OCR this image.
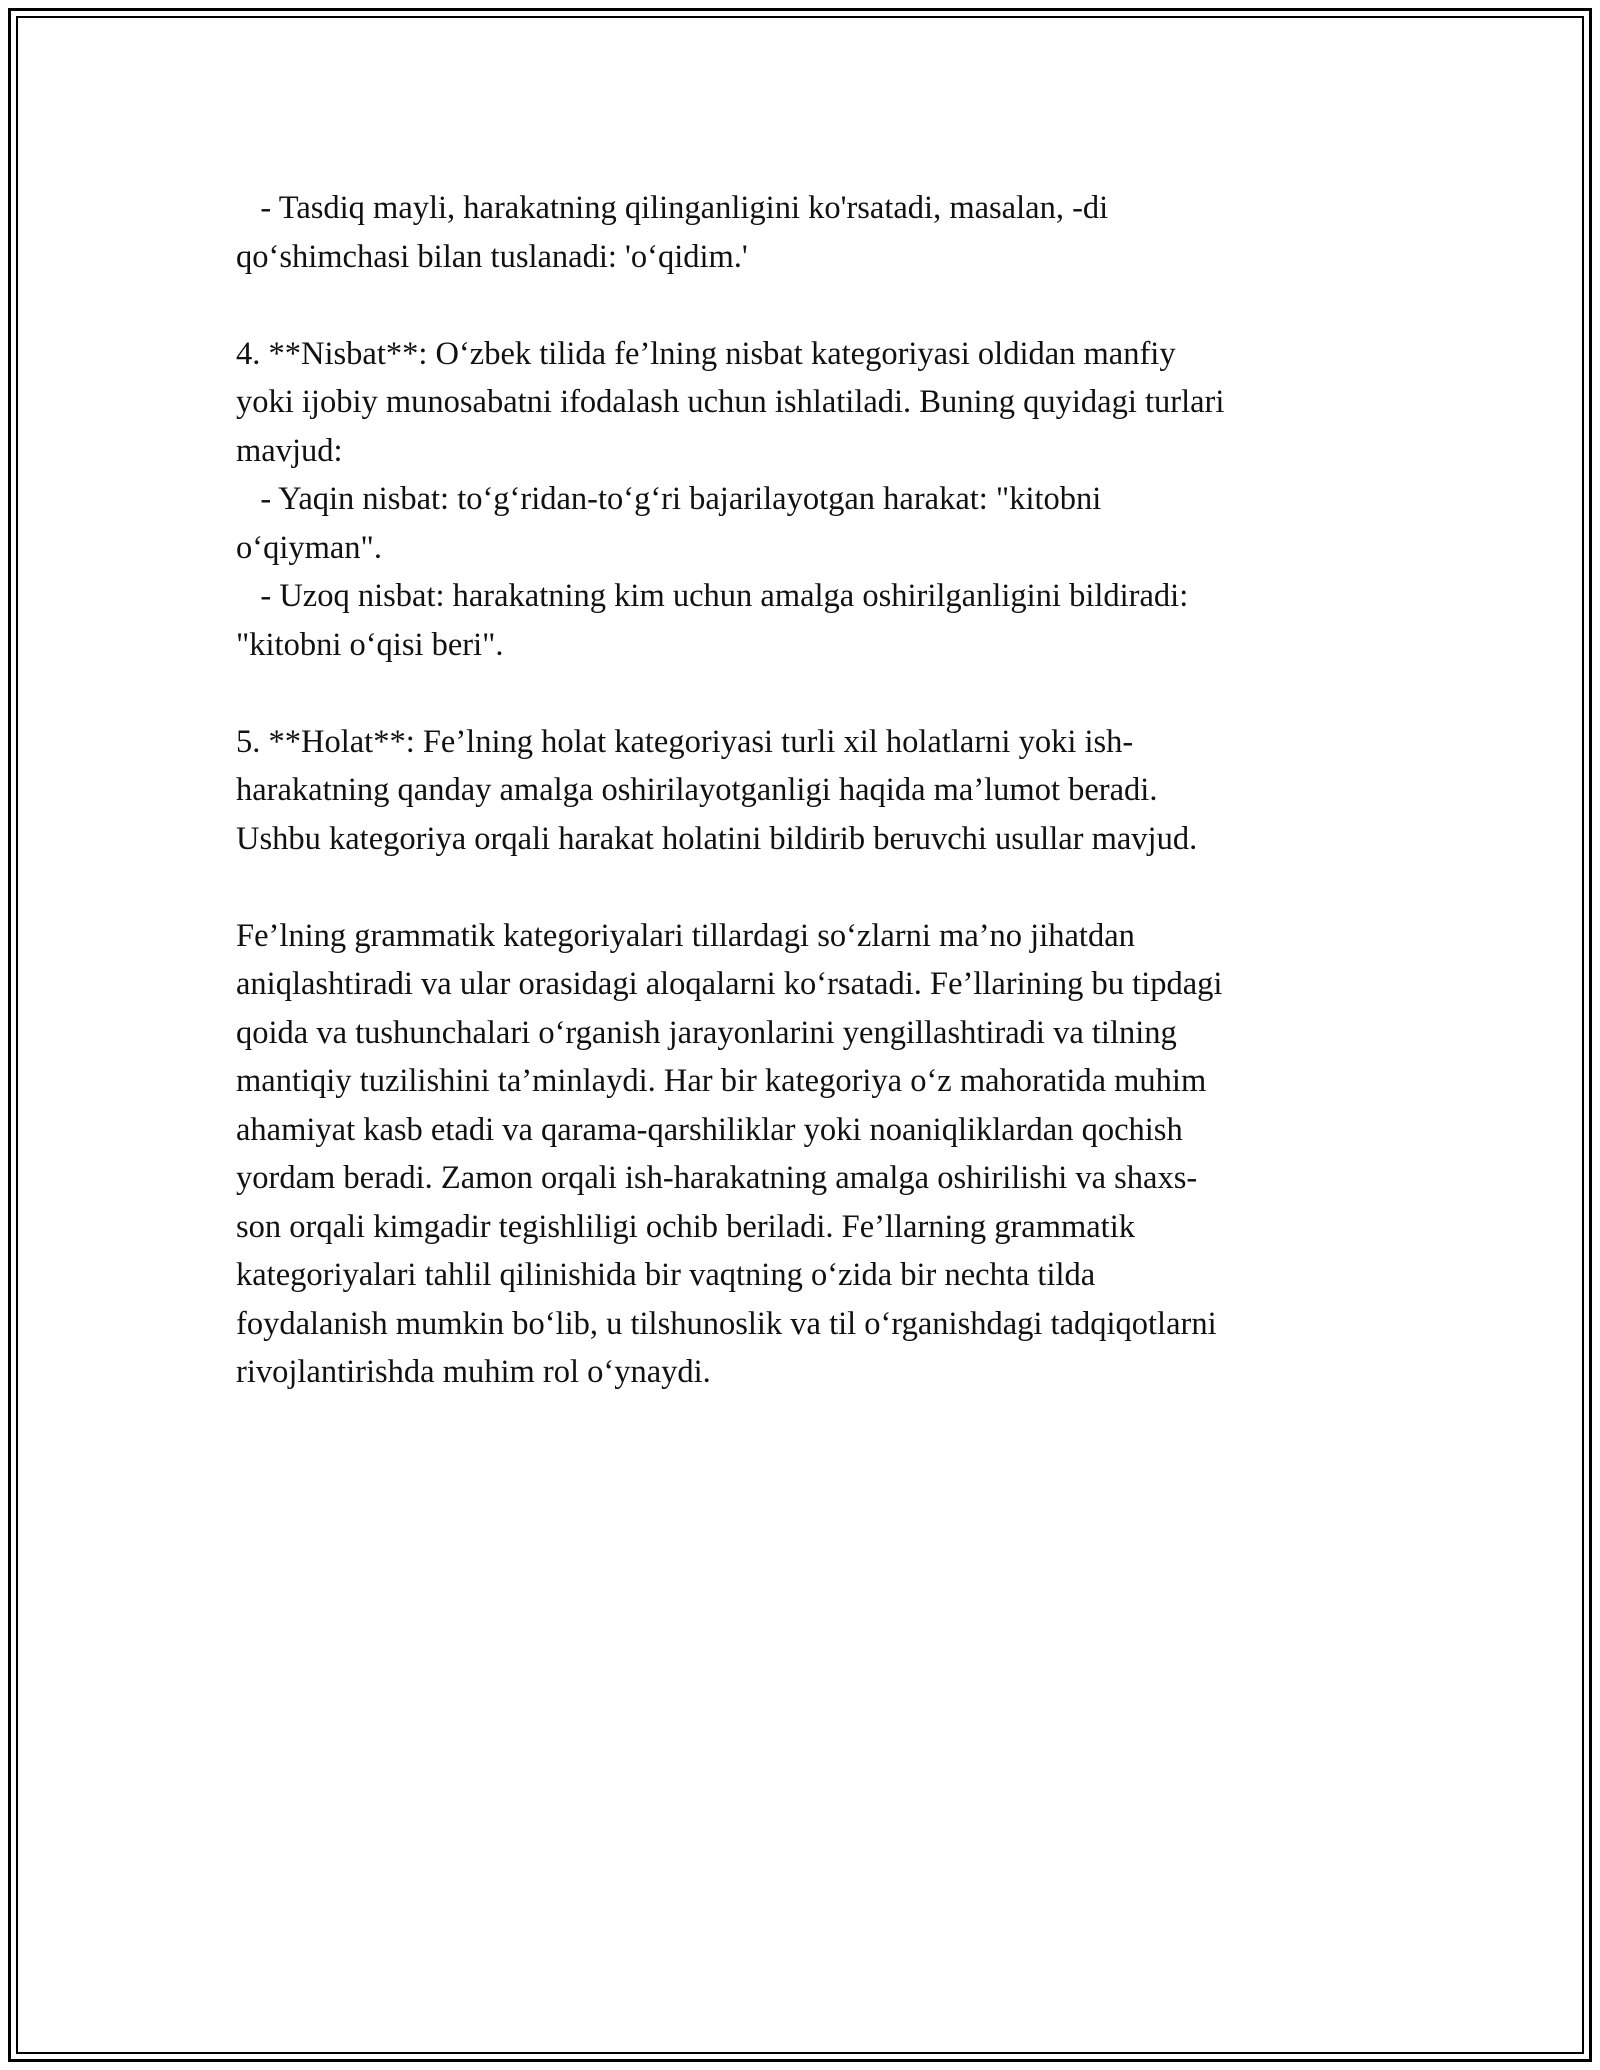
- Tasdiq mayli, harakatning qilinganligini ko'rsatadi, masalan, -di
qo‘shimchasi bilan tuslanadi: 'o‘qidim.'
4. **Nisbat**: O‘zbek tilida fe’lning nisbat kategoriyasi oldidan manfiy
yoki ijobiy munosabatni ifodalash uchun ishlatiladi. Buning quyidagi turlari
mavjud:
- Yaqin nisbat: to‘g‘ridan-to‘g‘ri bajarilayotgan harakat: "kitobni
o‘qiyman".
- Uzoq nisbat: harakatning kim uchun amalga oshirilganligini bildiradi:
"kitobni o‘qisi beri".
5. **Holat**: Fe’lning holat kategoriyasi turli xil holatlarni yoki ish-
harakatning qanday amalga oshirilayotganligi haqida ma’lumot beradi.
Ushbu kategoriya orqali harakat holatini bildirib beruvchi usullar mavjud.
Fe’lning grammatik kategoriyalari tillardagi so‘zlarni ma’no jihatdan
aniqlashtiradi va ular orasidagi aloqalarni ko‘rsatadi. Fe’llarining bu tipdagi
qoida va tushunchalari o‘rganish jarayonlarini yengillashtiradi va tilning
mantiqiy tuzilishini ta’minlaydi. Har bir kategoriya o‘z mahoratida muhim
ahamiyat kasb etadi va qarama-qarshiliklar yoki noaniqliklardan qochish
yordam beradi. Zamon orqali ish-harakatning amalga oshirilishi va shaxs-
son orqali kimgadir tegishliligi ochib beriladi. Fe’llarning grammatik
kategoriyalari tahlil qilinishida bir vaqtning o‘zida bir nechta tilda
foydalanish mumkin bo‘lib, u tilshunoslik va til o‘rganishdagi tadqiqotlarni
rivojlantirishda muhim rol o‘ynaydi.
